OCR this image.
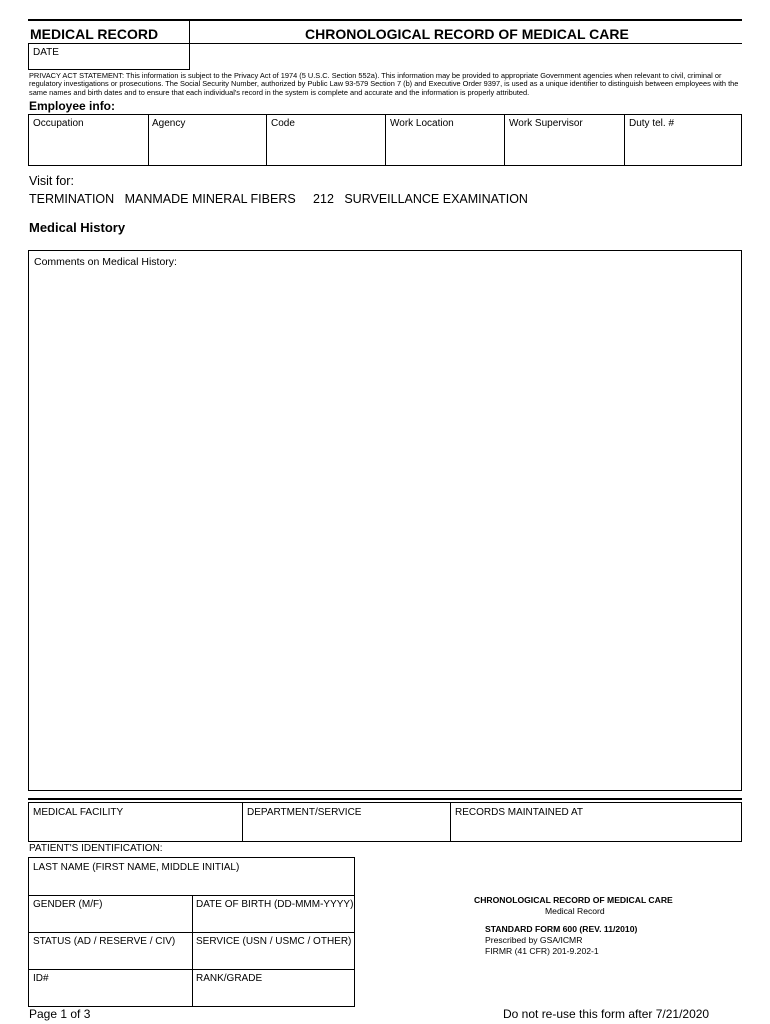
MEDICAL RECORD	CHRONOLOGICAL RECORD OF MEDICAL CARE
DATE
PRIVACY ACT STATEMENT: This information is subject to the Privacy Act of 1974 (5 U.S.C. Section 552a). This information may be provided to appropriate Government agencies when relevant to civil, criminal or regulatory investigations or prosecutions. The Social Security Number, authorized by Public Law 93-579 Section 7 (b) and Executive Order 9397, is used as a unique identifier to distinguish between employees with the same names and birth dates and to ensure that each individual's record in the system is complete and accurate and the information is properly attributed.
Employee info:
Occupation	Agency	Code	Work Location	Work Supervisor	Duty tel. #
Visit for:
TERMINATION   MANMADE MINERAL FIBERS     212   SURVEILLANCE EXAMINATION
Medical History
Comments on Medical History:
MEDICAL FACILITY	DEPARTMENT/SERVICE	RECORDS MAINTAINED AT
PATIENT'S IDENTIFICATION:
LAST NAME (FIRST NAME, MIDDLE INITIAL)
GENDER (M/F)	DATE OF BIRTH (DD-MMM-YYYY)
STATUS (AD / RESERVE / CIV) SERVICE (USN / USMC / OTHER)
ID#	RANK/GRADE
CHRONOLOGICAL RECORD OF MEDICAL CARE
Medical Record
STANDARD FORM 600 (REV. 11/2010)
Prescribed by GSA/ICMR
FIRMR (41 CFR) 201-9.202-1
Page 1 of 3	Do not re-use this form after 7/21/2020
